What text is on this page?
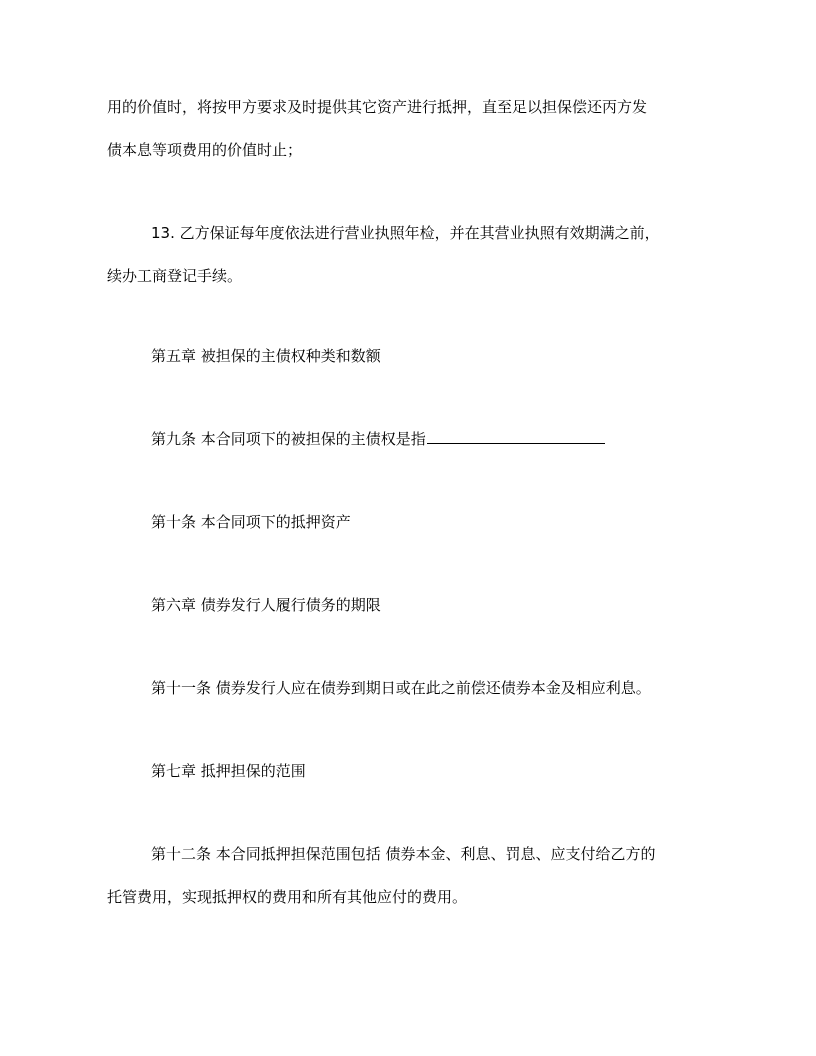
用的价值时，将按甲方要求及时提供其它资产进行抵押，直至足以担保偿还丙方发
债本息等项费用的价值时止；
13. 乙方保证每年度依法进行营业执照年检，并在其营业执照有效期满之前，
续办工商登记手续。
第五章 被担保的主债权种类和数额
第九条 本合同项下的被担保的主债权是指
第十条 本合同项下的抵押资产
第六章 债券发行人履行债务的期限
第十一条 债券发行人应在债券到期日或在此之前偿还债券本金及相应利息。
第七章 抵押担保的范围
第十二条 本合同抵押担保范围包括 债券本金、利息、罚息、应支付给乙方的
托管费用，实现抵押权的费用和所有其他应付的费用。
